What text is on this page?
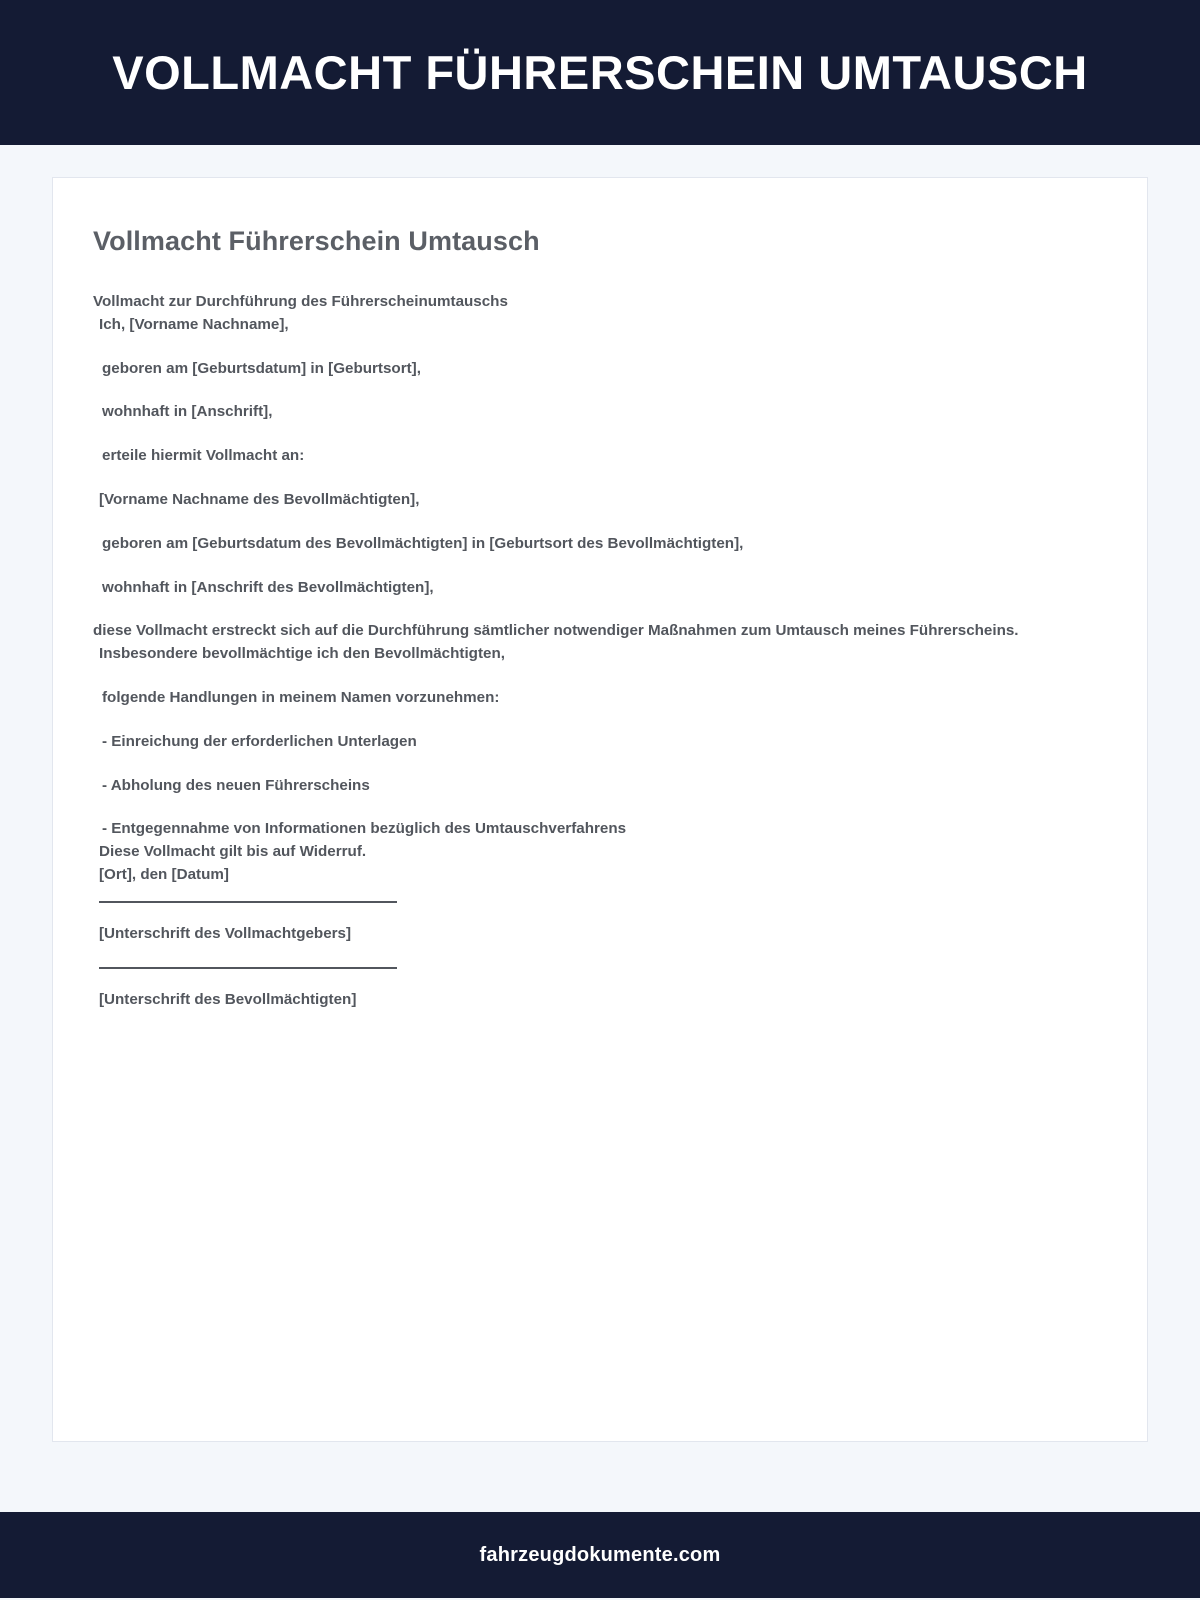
VOLLMACHT FÜHRERSCHEIN UMTAUSCH
Vollmacht Führerschein Umtausch

Vollmacht zur Durchführung des Führerscheinumtauschs

Ich, [Vorname Nachname],

geboren am [Geburtsdatum] in [Geburtsort],

wohnhaft in [Anschrift],

erteile hiermit Vollmacht an:

[Vorname Nachname des Bevollmächtigten],

geboren am [Geburtsdatum des Bevollmächtigten] in [Geburtsort des Bevollmächtigten],

wohnhaft in [Anschrift des Bevollmächtigten],

diese Vollmacht erstreckt sich auf die Durchführung sämtlicher notwendiger Maßnahmen zum Umtausch meines Führerscheins.

Insbesondere bevollmächtige ich den Bevollmächtigten,

folgende Handlungen in meinem Namen vorzunehmen:

- Einreichung der erforderlichen Unterlagen

- Abholung des neuen Führerscheins

- Entgegennahme von Informationen bezüglich des Umtauschverfahrens

Diese Vollmacht gilt bis auf Widerruf.

[Ort], den [Datum]

[Unterschrift des Vollmachtgebers]

[Unterschrift des Bevollmächtigten]

fahrzeugdokumente.com
